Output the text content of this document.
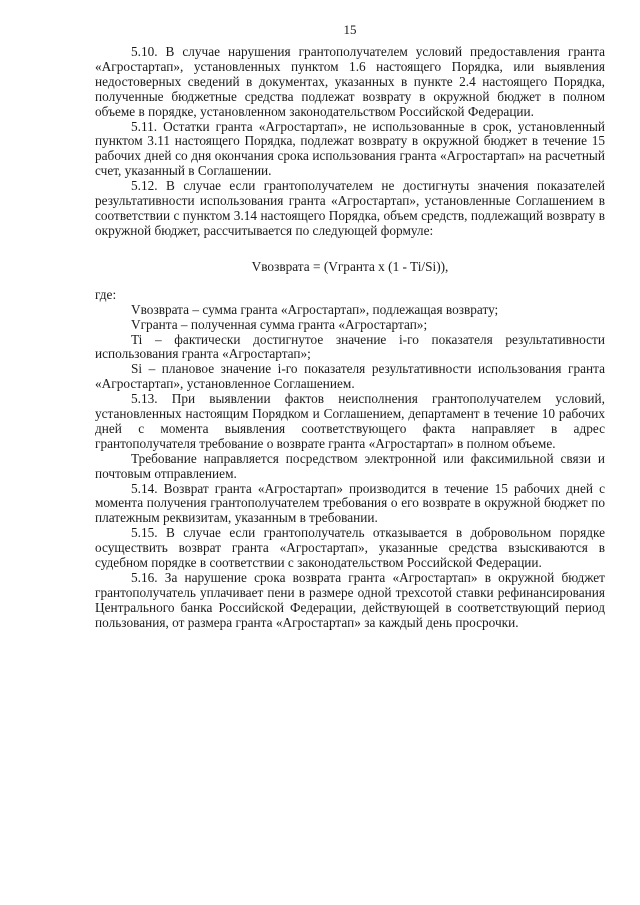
15

5.10. В случае нарушения грантополучателем условий предоставления гранта «Агростартап», установленных пунктом 1.6 настоящего Порядка, или выявления недостоверных сведений в документах, указанных в пункте 2.4 настоящего Порядка, полученные бюджетные средства подлежат возврату в окружной бюджет в полном объеме в порядке, установленном законодательством Российской Федерации.

5.11. Остатки гранта «Агростартап», не использованные в срок, установленный пунктом 3.11 настоящего Порядка, подлежат возврату в окружной бюджет в течение 15 рабочих дней со дня окончания срока использования гранта «Агростартап» на расчетный счет, указанный в Соглашении.

5.12. В случае если грантополучателем не достигнуты значения показателей результативности использования гранта «Агростартап», установленные Соглашением в соответствии с пунктом 3.14 настоящего Порядка, объем средств, подлежащий возврату в окружной бюджет, рассчитывается по следующей формуле:

Vвозврата = (Vгранта x (1 - Ti/Si)),

где:

Vвозврата – сумма гранта «Агростартап», подлежащая возврату;

Vгранта – полученная сумма гранта «Агростартап»;

Ti – фактически достигнутое значение i-го показателя результативности использования гранта «Агростартап»;

Si – плановое значение i-го показателя результативности использования гранта «Агростартап», установленное Соглашением.

5.13. При выявлении фактов неисполнения грантополучателем условий, установленных настоящим Порядком и Соглашением, департамент в течение 10 рабочих дней с момента выявления соответствующего факта направляет в адрес грантополучателя требование о возврате гранта «Агростартап» в полном объеме.

Требование направляется посредством электронной или факсимильной связи и почтовым отправлением.

5.14. Возврат гранта «Агростартап» производится в течение 15 рабочих дней с момента получения грантополучателем требования о его возврате в окружной бюджет по платежным реквизитам, указанным в требовании.

5.15. В случае если грантополучатель отказывается в добровольном порядке осуществить возврат гранта «Агростартап», указанные средства взыскиваются в судебном порядке в соответствии с законодательством Российской Федерации.

5.16. За нарушение срока возврата гранта «Агростартап» в окружной бюджет грантополучатель уплачивает пени в размере одной трехсотой ставки рефинансирования Центрального банка Российской Федерации, действующей в соответствующий период пользования, от размера гранта «Агростартап» за каждый день просрочки.
